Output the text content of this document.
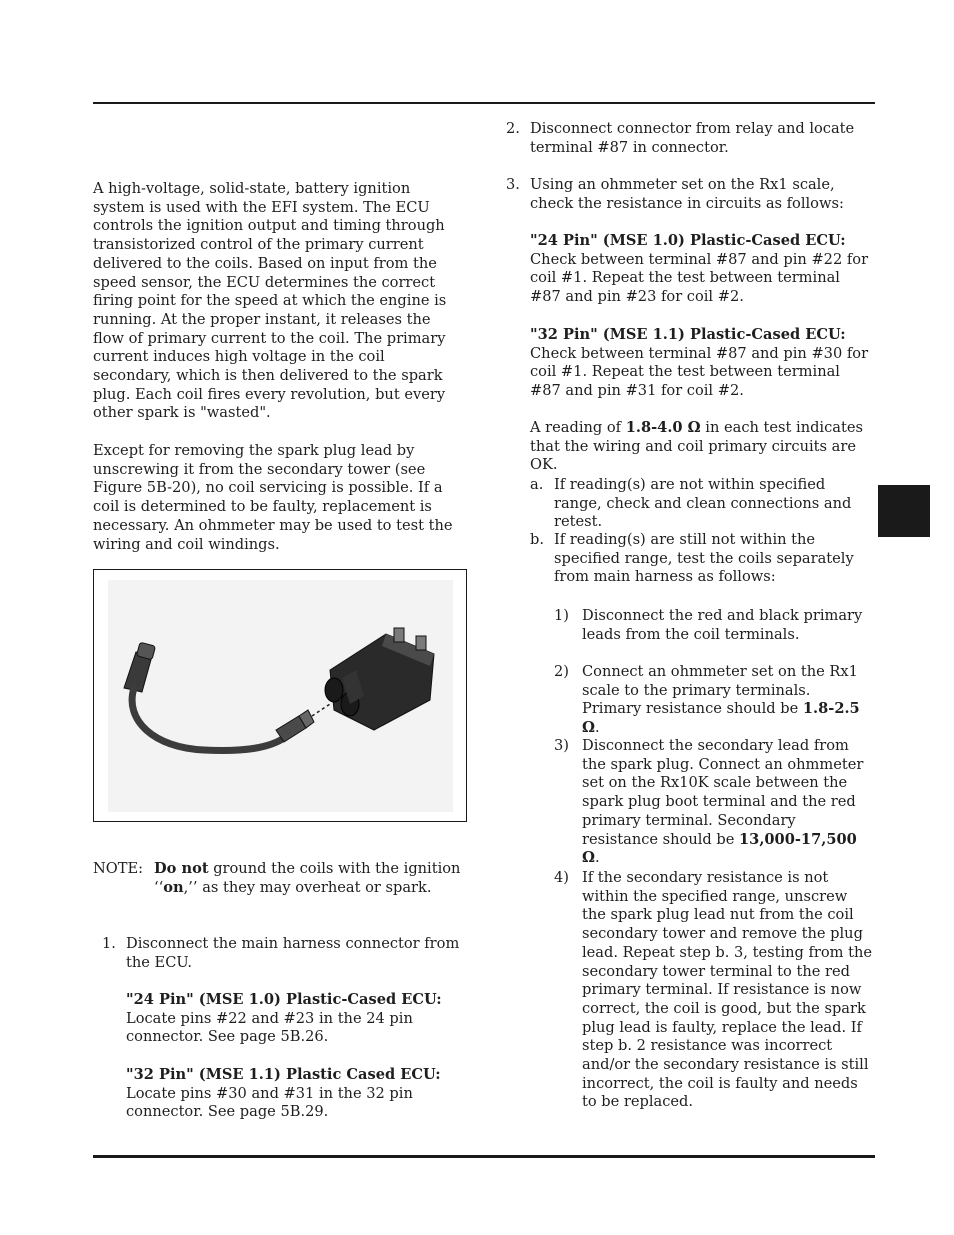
A high-voltage, solid-state, battery ignition system is used with the EFI system. The ECU controls the ignition output and timing through transistorized control of the primary current delivered to the coils. Based on input from the speed sensor, the ECU determines the correct firing point for the speed at which the engine is running. At the proper instant, it releases the flow of primary current to the coil. The primary current induces high voltage in the coil secondary, which is then delivered to the spark plug. Each coil fires every revolution, but every other spark is "wasted".

Except for removing the spark plug lead by unscrewing it from the secondary tower (see Figure 5B-20), no coil servicing is possible. If a coil is determined to be faulty, replacement is necessary. An ohmmeter may be used to test the wiring and coil windings.

NOTE: Do not ground the coils with the ignition
‘‘on,’’ as they may overheat or spark.

1. Disconnect the main harness connector from the ECU.

"24 Pin" (MSE 1.0) Plastic-Cased ECU: Locate pins #22 and #23 in the 24 pin connector. See page 5B.26.

"32 Pin" (MSE 1.1) Plastic Cased ECU: Locate pins #30 and #31 in the 32 pin connector. See page 5B.29.

2. Disconnect connector from relay and locate terminal #87 in connector.

3. Using an ohmmeter set on the Rx1 scale, check the resistance in circuits as follows:

"24 Pin" (MSE 1.0) Plastic-Cased ECU: Check between terminal #87 and pin #22 for coil #1. Repeat the test between terminal #87 and pin #23 for coil #2.

"32 Pin" (MSE 1.1) Plastic-Cased ECU: Check between terminal #87 and pin #30 for coil #1. Repeat the test between terminal #87 and pin #31 for coil #2.

A reading of 1.8-4.0 Ω in each test indicates that the wiring and coil primary circuits are OK.

a. If reading(s) are not within specified range, check and clean connections and retest.

b. If reading(s) are still not within the specified range, test the coils separately from main harness as follows:

1) Disconnect the red and black primary leads from the coil terminals.

2) Connect an ohmmeter set on the Rx1 scale to the primary terminals. Primary resistance should be 1.8-2.5 Ω.

3) Disconnect the secondary lead from the spark plug. Connect an ohmmeter set on the Rx10K scale between the spark plug boot terminal and the red primary terminal. Secondary resistance should be 13,000-17,500 Ω.

4) If the secondary resistance is not within the specified range, unscrew the spark plug lead nut from the coil secondary tower and remove the plug lead. Repeat step b. 3, testing from the secondary tower terminal to the red primary terminal. If resistance is now correct, the coil is good, but the spark plug lead is faulty, replace the lead. If step b. 2 resistance was incorrect and/or the secondary resistance is still incorrect, the coil is faulty and needs to be replaced.
